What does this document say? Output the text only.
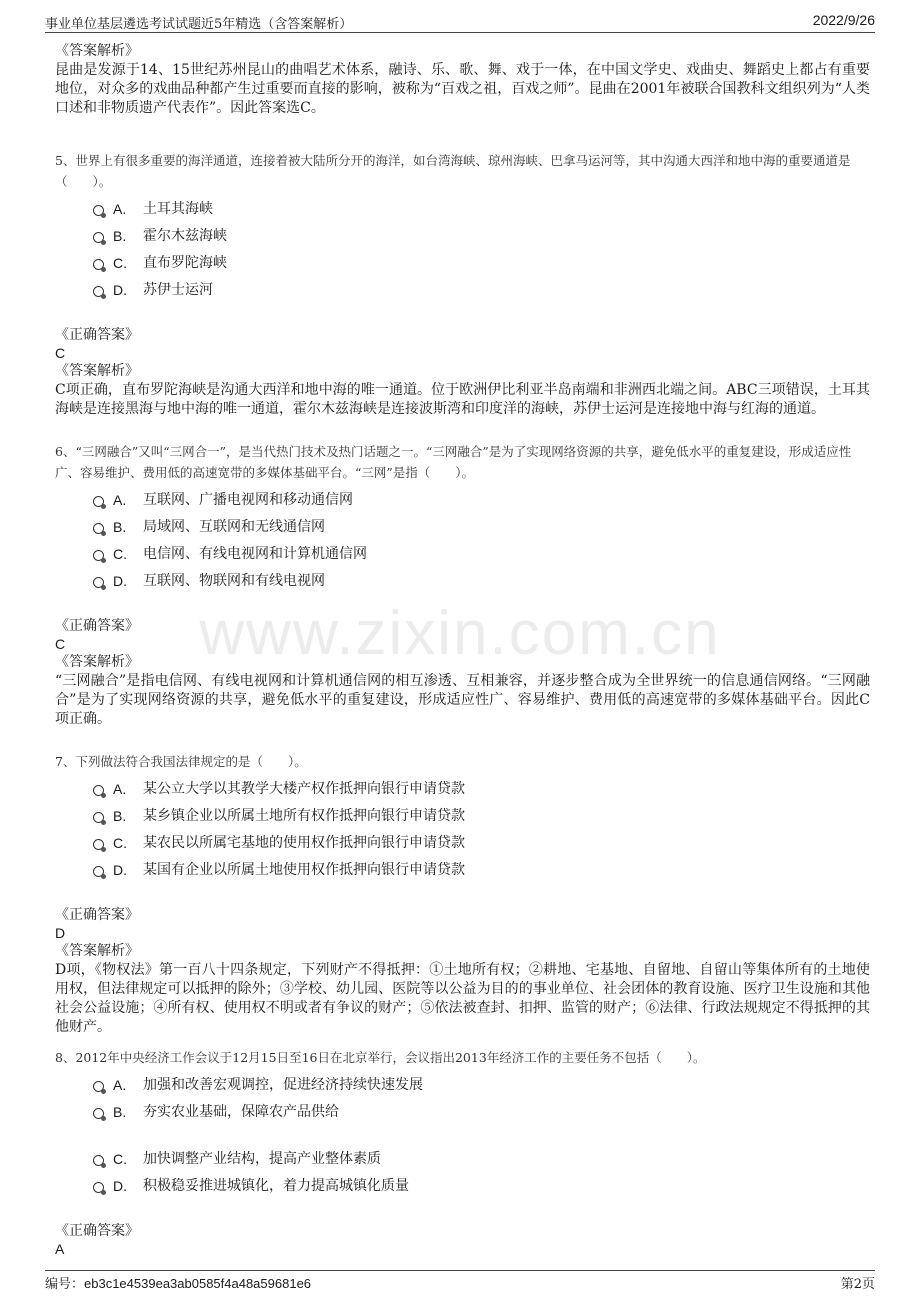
事业单位基层遴选考试试题近5年精选（含答案解析）	2022/9/26
www.zixin.com.cn
《答案解析》
昆曲是发源于14、15世纪苏州昆山的曲唱艺术体系，融诗、乐、歌、舞、戏于一体，在中国文学史、戏曲史、舞蹈史上都占有重要地位，对众多的戏曲品种都产生过重要而直接的影响，被称为“百戏之祖，百戏之师”。昆曲在2001年被联合国教科文组织列为“人类口述和非物质遗产代表作”。因此答案选C。
5、世界上有很多重要的海洋通道，连接着被大陆所分开的海洋，如台湾海峡、琼州海峡、巴拿马运河等，其中沟通大西洋和地中海的重要通道是（　　）。
A. 土耳其海峡
B. 霍尔木兹海峡
C. 直布罗陀海峡
D. 苏伊士运河
《正确答案》
C
《答案解析》
C项正确，直布罗陀海峡是沟通大西洋和地中海的唯一通道。位于欧洲伊比利亚半岛南端和非洲西北端之间。ABC三项错误，土耳其海峡是连接黑海与地中海的唯一通道，霍尔木兹海峡是连接波斯湾和印度洋的海峡，苏伊士运河是连接地中海与红海的通道。
6、“三网融合”又叫“三网合一”，是当代热门技术及热门话题之一。“三网融合”是为了实现网络资源的共享，避免低水平的重复建设，形成适应性广、容易维护、费用低的高速宽带的多媒体基础平台。“三网”是指（　　）。
A. 互联网、广播电视网和移动通信网
B. 局域网、互联网和无线通信网
C. 电信网、有线电视网和计算机通信网
D. 互联网、物联网和有线电视网
《正确答案》
C
《答案解析》
“三网融合”是指电信网、有线电视网和计算机通信网的相互渗透、互相兼容，并逐步整合成为全世界统一的信息通信网络。“三网融合”是为了实现网络资源的共享，避免低水平的重复建设，形成适应性广、容易维护、费用低的高速宽带的多媒体基础平台。因此C项正确。
7、下列做法符合我国法律规定的是（　　）。
A. 某公立大学以其教学大楼产权作抵押向银行申请贷款
B. 某乡镇企业以所属土地所有权作抵押向银行申请贷款
C. 某农民以所属宅基地的使用权作抵押向银行申请贷款
D. 某国有企业以所属土地使用权作抵押向银行申请贷款
《正确答案》
D
《答案解析》
D项，《物权法》第一百八十四条规定，下列财产不得抵押：①土地所有权；②耕地、宅基地、自留地、自留山等集体所有的土地使用权，但法律规定可以抵押的除外；③学校、幼儿园、医院等以公益为目的的事业单位、社会团体的教育设施、医疗卫生设施和其他社会公益设施；④所有权、使用权不明或者有争议的财产；⑤依法被查封、扣押、监管的财产；⑥法律、行政法规规定不得抵押的其他财产。
8、2012年中央经济工作会议于12月15日至16日在北京举行，会议指出2013年经济工作的主要任务不包括（　　）。
A. 加强和改善宏观调控，促进经济持续快速发展
B. 夯实农业基础，保障农产品供给
C. 加快调整产业结构，提高产业整体素质
D. 积极稳妥推进城镇化，着力提高城镇化质量
《正确答案》
A
编号：eb3c1e4539ea3ab0585f4a48a59681e6	第2页
